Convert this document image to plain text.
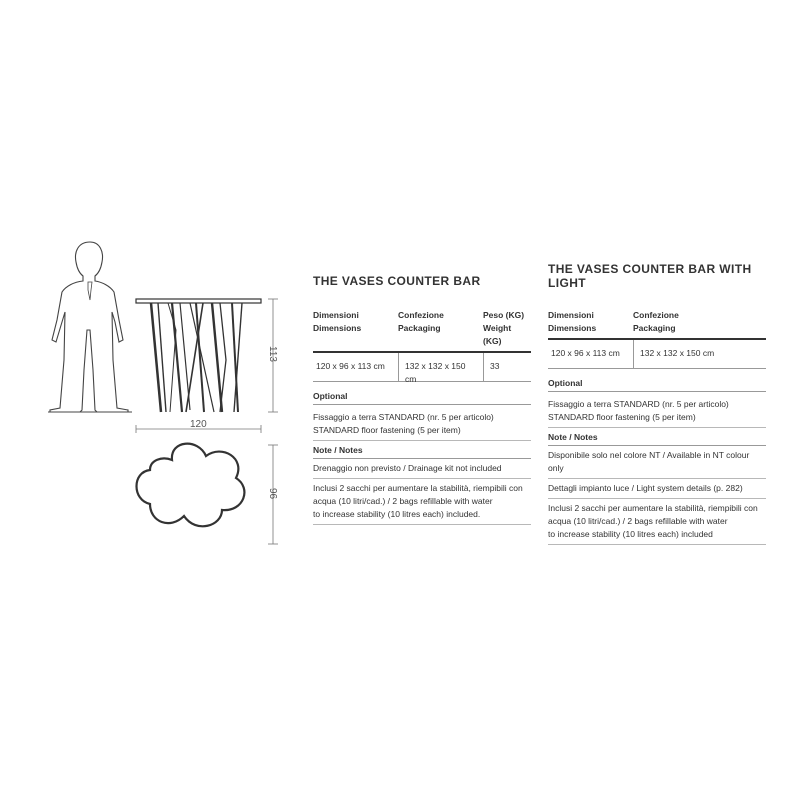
113
120
96
THE VASES COUNTER BAR
Dimensioni
Dimensions
Confezione
Packaging
Peso (KG)
Weight (KG)
120 x 96 x 113 cm	132 x 132 x 150 cm
33
Optional
Fissaggio a terra STANDARD (nr. 5 per articolo)
STANDARD floor fastening (5 per item)
Note / Notes
Drenaggio non previsto / Drainage kit not included
Inclusi 2 sacchi per aumentare la stabilità, riempibili con
acqua (10 litri/cad.) / 2 bags refillable with water
to increase stability (10 litres each) included.
THE VASES COUNTER BAR WITH LIGHT
Dimensioni
Dimensions
Confezione
Packaging
120 x 96 x 113 cm	132 x 132 x 150 cm
Optional
Fissaggio a terra STANDARD (nr. 5 per articolo)
STANDARD floor fastening (5 per item)
Note / Notes
Disponibile solo nel colore NT / Available in NT colour only
Dettagli impianto luce / Light system details (p. 282)
Inclusi 2 sacchi per aumentare la stabilità, riempibili con
acqua (10 litri/cad.) / 2 bags refillable with water
to increase stability (10 litres each) included
